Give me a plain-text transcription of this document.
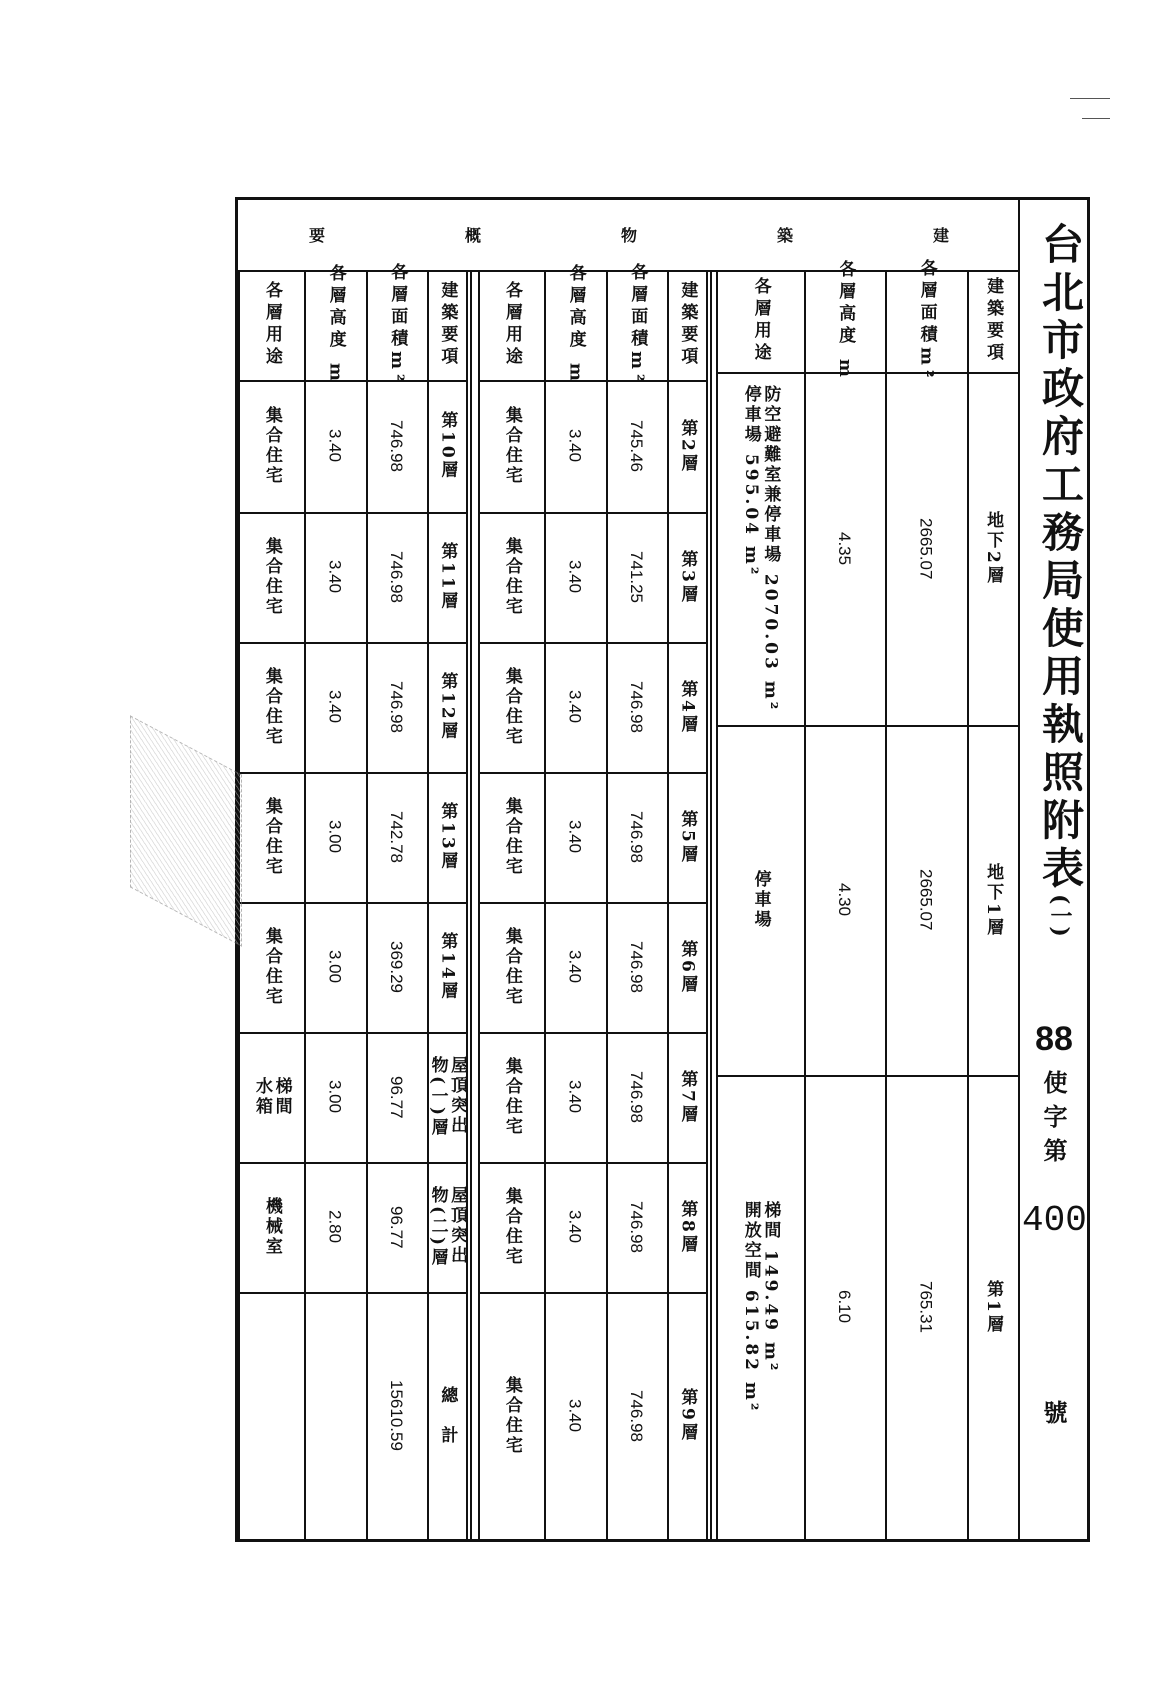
台北市政府工務局使用執照附表(一)
88
使字第
400
號
建
築
物
概
要
建築要項
各層面積m²
各層高度 m
各層用途
地下2層
2665.07
4.35
防空避難室兼停車場 2070.03 m²
停車場 595.04 m²
地下1層
2665.07
4.30
停車場
第1層
765.31
6.10
梯間 149.49 m²
開放空間 615.82 m²
建築要項
各層面積m²
各層高度 m
各層用途
第2層
745.46
3.40
集合住宅
第3層
741.25
3.40
集合住宅
第4層
746.98
3.40
集合住宅
第5層
746.98
3.40
集合住宅
第6層
746.98
3.40
集合住宅
第7層
746.98
3.40
集合住宅
第8層
746.98
3.40
集合住宅
第9層
746.98
3.40
集合住宅
建築要項
各層面積m²
各層高度 m
各層用途
第10層
746.98
3.40
集合住宅
第11層
746.98
3.40
集合住宅
第12層
746.98
3.40
集合住宅
第13層
742.78
3.00
集合住宅
第14層
369.29
3.00
集合住宅
屋頂突出
物(一)層
96.77
3.00
梯間
水箱
屋頂突出
物(二)層
96.77
2.80
機械室
總　計
15610.59
